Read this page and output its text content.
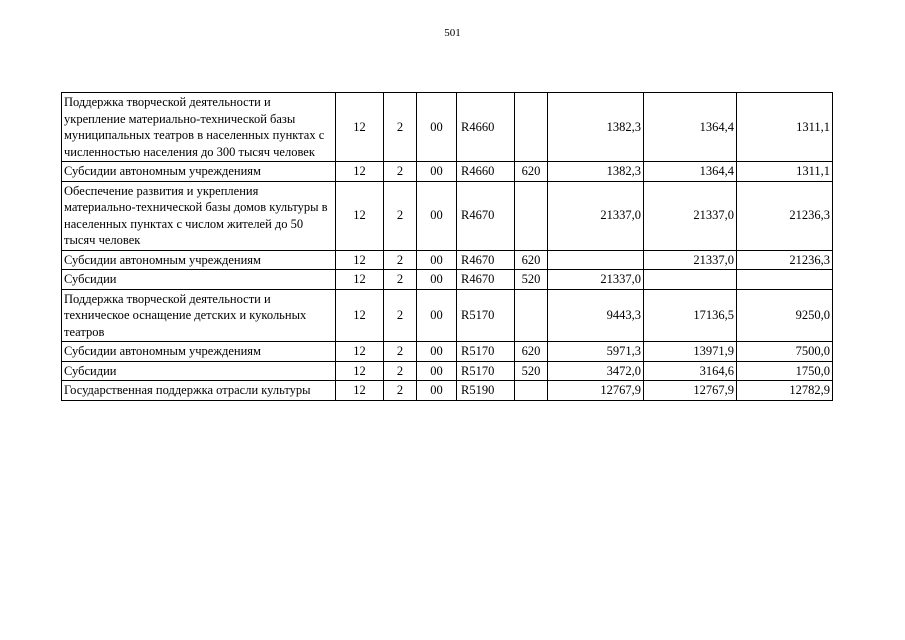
501
Поддержка творческой деятельности и укрепление материально-технической базы муниципальных театров в населенных пунктах с численностью населения до 300 тысяч человек	12	2	00	R4660		1382,3	1364,4	1311,1
Субсидии автономным учреждениям	12	2	00	R4660	620	1382,3	1364,4	1311,1
Обеспечение развития и укрепления материально-технической базы домов культуры в населенных пунктах с числом жителей до 50 тысяч человек	12	2	00	R4670		21337,0	21337,0	21236,3
Субсидии автономным учреждениям	12	2	00	R4670	620		21337,0	21236,3
Субсидии	12	2	00	R4670	520	21337,0		
Поддержка творческой деятельности и техническое оснащение детских и кукольных театров	12	2	00	R5170		9443,3	17136,5	9250,0
Субсидии автономным учреждениям	12	2	00	R5170	620	5971,3	13971,9	7500,0
Субсидии	12	2	00	R5170	520	3472,0	3164,6	1750,0
Государственная поддержка отрасли культуры	12	2	00	R5190		12767,9	12767,9	12782,9
